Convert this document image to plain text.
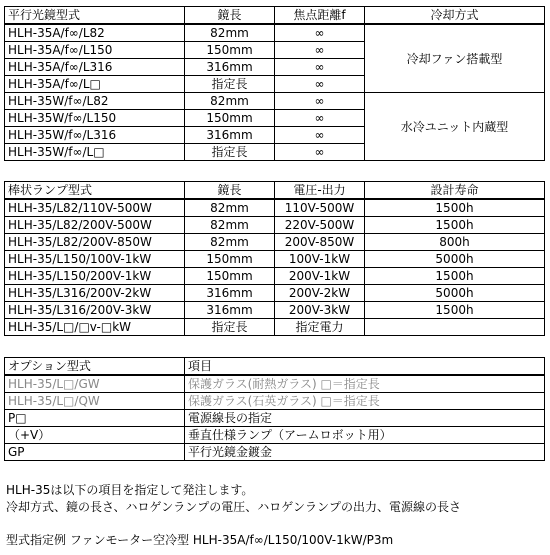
平行光鏡型式	鏡長	焦点距離f	冷却方式
HLH-35A/f∞/L82	82mm	∞	冷却ファン搭載型
HLH-35A/f∞/L150	150mm	∞	
HLH-35A/f∞/L316	316mm	∞	
HLH-35A/f∞/L□	指定長	∞	
HLH-35W/f∞/L82	82mm	∞	水冷ユニット内蔵型
HLH-35W/f∞/L150	150mm	∞	
HLH-35W/f∞/L316	316mm	∞	
HLH-35W/f∞/L□	指定長	∞	
棒状ランプ型式	鏡長	電圧-出力	設計寿命
HLH-35/L82/110V-500W	82mm	110V-500W	1500h
HLH-35/L82/200V-500W	82mm	220V-500W	1500h
HLH-35/L82/200V-850W	82mm	200V-850W	800h
HLH-35/L150/100V-1kW	150mm	100V-1kW	5000h
HLH-35/L150/200V-1kW	150mm	200V-1kW	1500h
HLH-35/L316/200V-2kW	316mm	200V-2kW	5000h
HLH-35/L316/200V-3kW	316mm	200V-3kW	1500h
HLH-35/L□/□v-□kW	指定長	指定電力	
オプション型式	項目
HLH-35/L□/GW	保護ガラス(耐熱ガラス) □＝指定長
HLH-35/L□/QW	保護ガラス(石英ガラス) □＝指定長
P□	電源線長の指定
（+V）	垂直仕様ランプ（アームロボット用）
GP	平行光鏡金鍍金
HLH-35は以下の項目を指定して発注します。
冷却方式、鏡の長さ、ハロゲンランプの電圧、ハロゲンランプの出力、電源線の長さ
型式指定例 ファンモーター空冷型 HLH-35A/f∞/L150/100V-1kW/P3m
